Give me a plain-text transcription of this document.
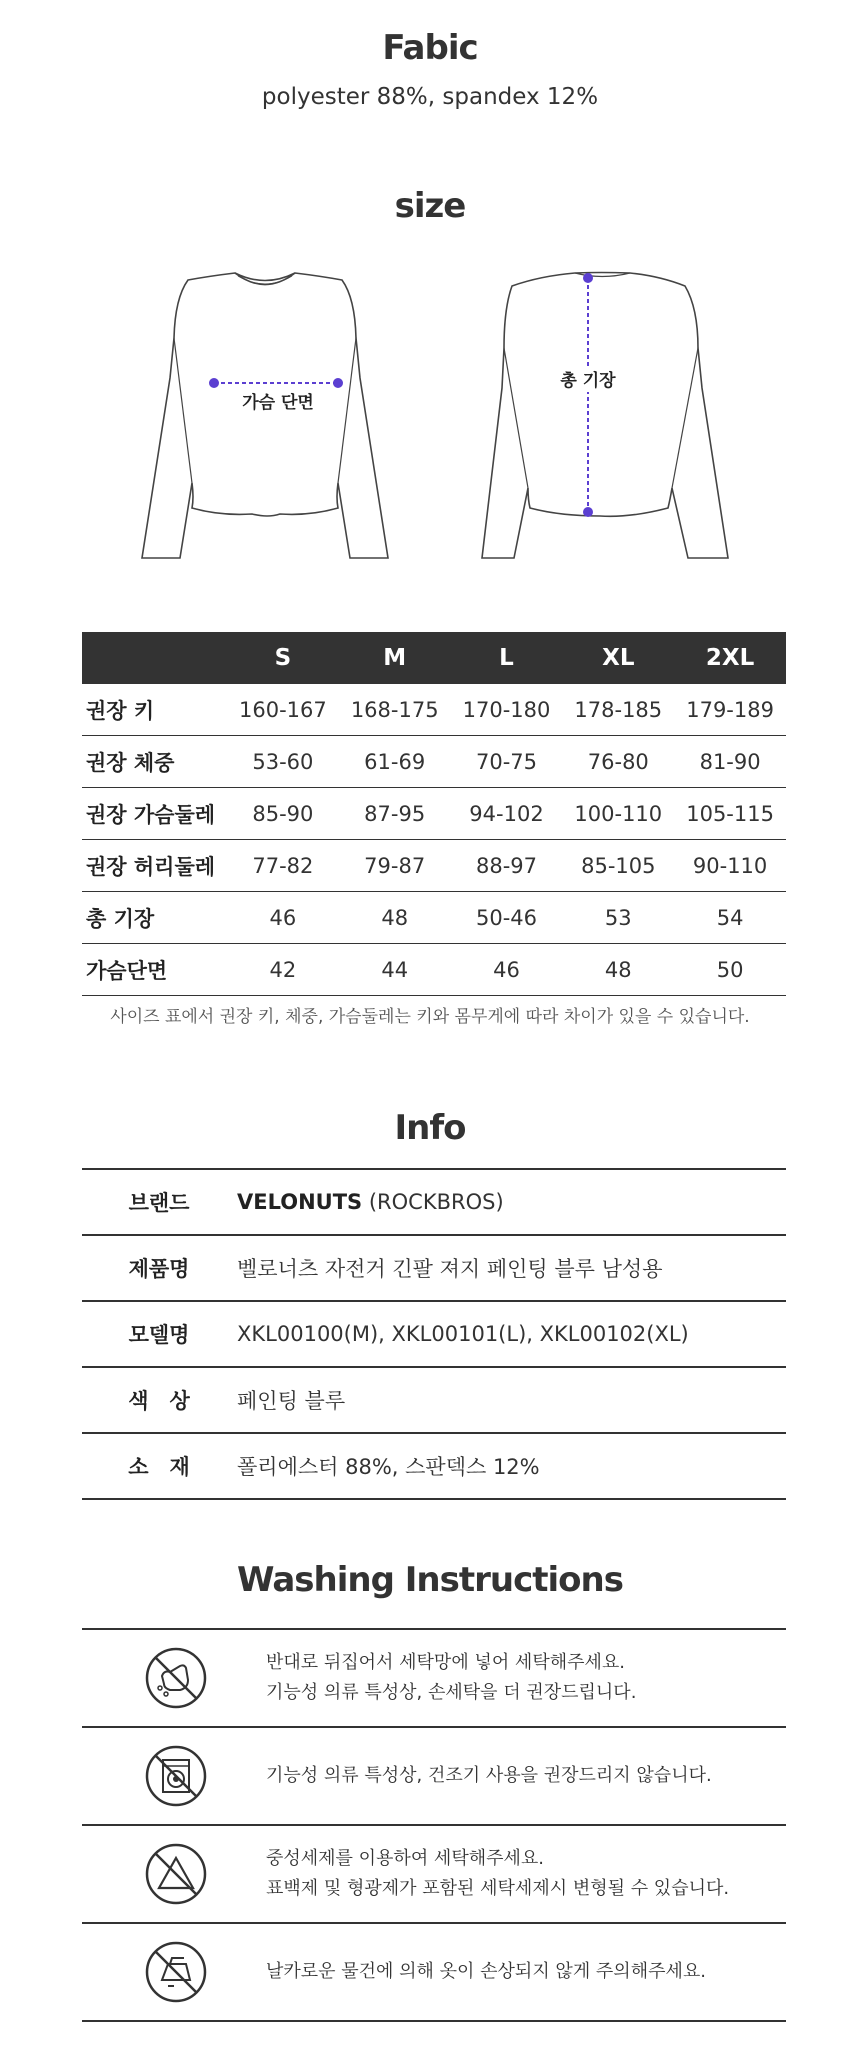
Fabic
polyester 88%, spandex 12%
size
가슴 단면
총 기장
	S	M	L	XL	2XL
권장 키	160-167	168-175	170-180	178-185	179-189
권장 체중	53-60	61-69	70-75	76-80	81-90
권장 가슴둘레	85-90	87-95	94-102	100-110	105-115
권장 허리둘레	77-82	79-87	88-97	85-105	90-110
총 기장	46	48	50-46	53	54
가슴단면	42	44	46	48	50
사이즈 표에서 권장 키, 체중, 가슴둘레는 키와 몸무게에 따라 차이가 있을 수 있습니다.
Info
브랜드	VELONUTS (ROCKBROS)
제품명	벨로너츠 자전거 긴팔 져지 페인팅 블루 남성용
모델명	XKL00100(M), XKL00101(L), XKL00102(XL)
색　상	페인팅 블루
소　재	폴리에스터 88%, 스판덱스 12%
Washing Instructions
반대로 뒤집어서 세탁망에 넣어 세탁해주세요.
기능성 의류 특성상, 손세탁을 더 권장드립니다.
기능성 의류 특성상, 건조기 사용을 권장드리지 않습니다.
중성세제를 이용하여 세탁해주세요.
표백제 및 형광제가 포함된 세탁세제시 변형될 수 있습니다.
날카로운 물건에 의해 옷이 손상되지 않게 주의해주세요.
